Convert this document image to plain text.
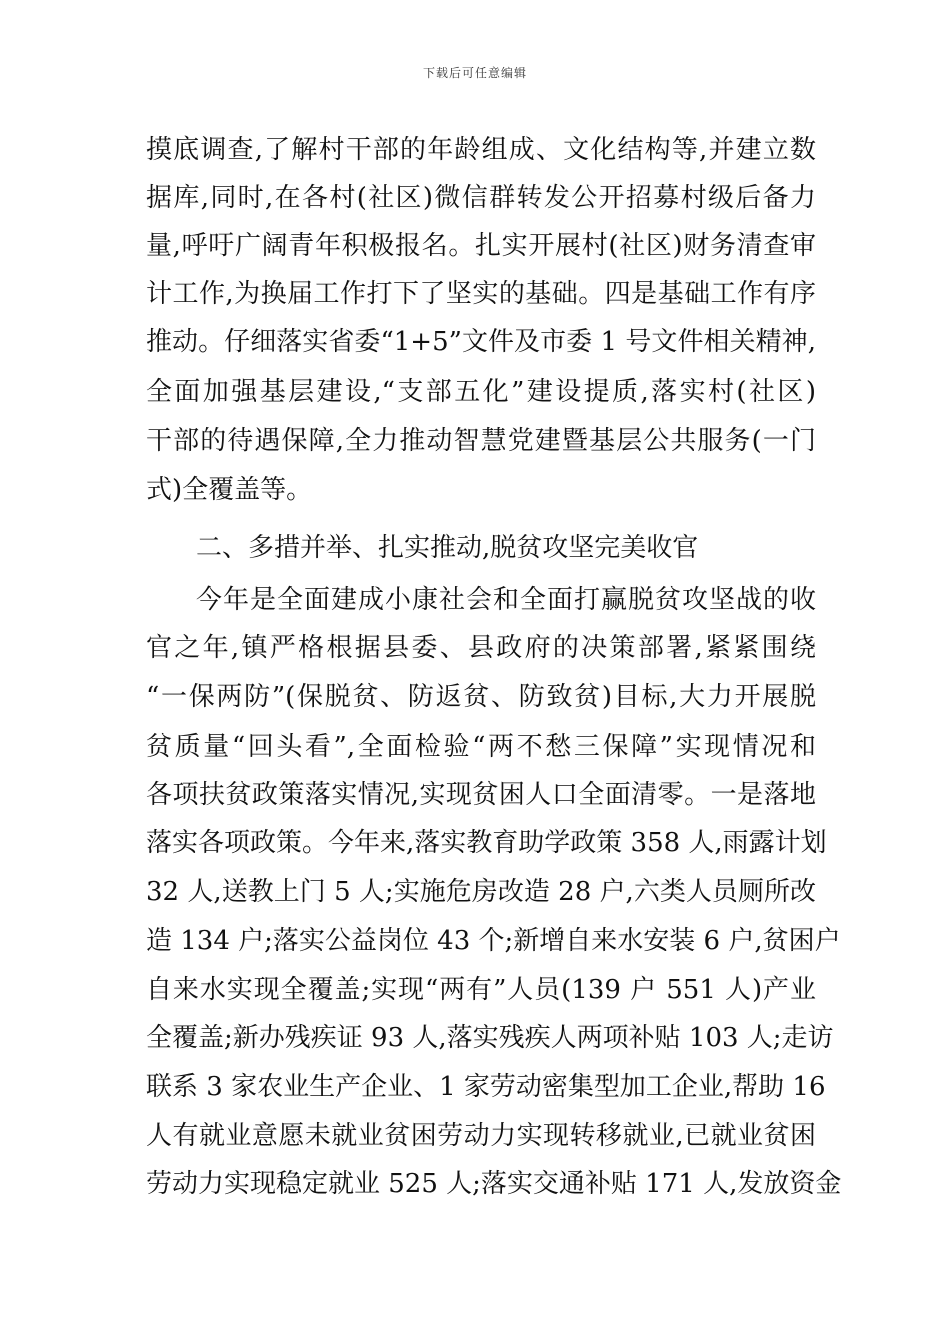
下载后可任意编辑
摸底调查,了解村干部的年龄组成、文化结构等,并建立数
据库,同时,在各村(社区)微信群转发公开招募村级后备力
量,呼吁广阔青年积极报名。扎实开展村(社区)财务清查审
计工作,为换届工作打下了坚实的基础。四是基础工作有序
推动。仔细落实省委“1+5”文件及市委 1 号文件相关精神,
全面加强基层建设,“支部五化”建设提质,落实村(社区)
干部的待遇保障,全力推动智慧党建暨基层公共服务(一门
式)全覆盖等。
二、多措并举、扎实推动,脱贫攻坚完美收官
今年是全面建成小康社会和全面打赢脱贫攻坚战的收
官之年,镇严格根据县委、县政府的决策部署,紧紧围绕
“一保两防”(保脱贫、防返贫、防致贫)目标,大力开展脱
贫质量“回头看”,全面检验“两不愁三保障”实现情况和
各项扶贫政策落实情况,实现贫困人口全面清零。一是落地
落实各项政策。今年来,落实教育助学政策 358 人,雨露计划
32 人,送教上门 5 人;实施危房改造 28 户,六类人员厕所改
造 134 户;落实公益岗位 43 个;新增自来水安装 6 户,贫困户
自来水实现全覆盖;实现“两有”人员(139 户 551 人)产业
全覆盖;新办残疾证 93 人,落实残疾人两项补贴 103 人;走访
联系 3 家农业生产企业、1 家劳动密集型加工企业,帮助 16
人有就业意愿未就业贫困劳动力实现转移就业,已就业贫困
劳动力实现稳定就业 525 人;落实交通补贴 171 人,发放资金
